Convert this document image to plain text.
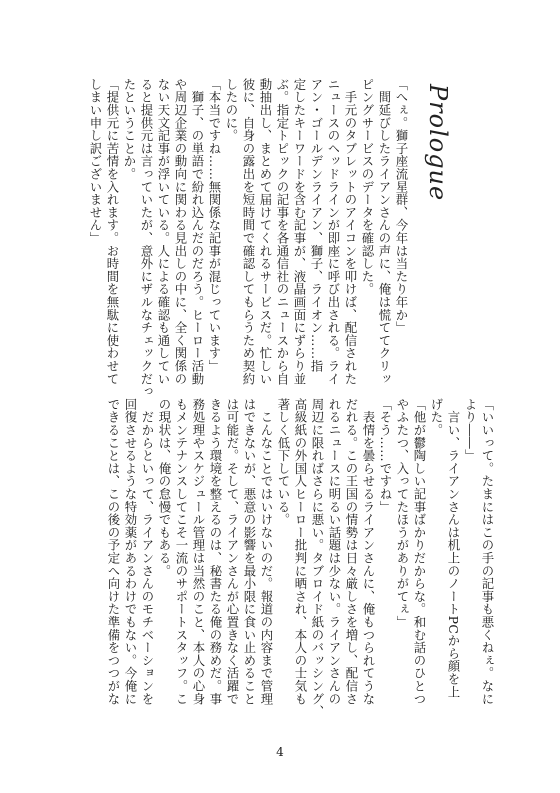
Prologue
「へぇ。獅子座流星群、今年は当たり年か」
　間延びしたライアンさんの声に、俺は慌ててクリッ
ピングサービスのデータを確認した。
　手元のタブレットのアイコンを叩けば、配信された
ニュースのヘッドラインが即座に呼び出される。ライ
アン・ゴールデンライアン、獅子、ライオン……指
定したキーワードを含む記事が、液晶画面にずらり並
ぶ。指定トピックの記事を各通信社のニュースから自
動抽出し、まとめて届けてくれるサービスだ。忙しい
彼に、自身の露出を短時間で確認してもらうため契約
したのに。
「本当ですね……無関係な記事が混じっています」
　獅子、の単語で紛れ込んだのだろう。ヒーロー活動
や周辺企業の動向に関わる見出しの中に、全く関係の
ない天文記事が浮いている。人による確認も通してい
ると提供元は言っていたが、意外にザルなチェックだっ
たということか。
「提供元に苦情を入れます。お時間を無駄に使わせて
しまい申し訳ございません」
「いいって。たまにはこの手の記事も悪くねぇ。なに
より――」
　言い、ライアンさんは机上のノートPCから顔を上
げた。
「他が鬱陶しい記事ばかりだからな。和む話のひとつ
やふたつ、入ってたほうがありがてぇ」
「そう……ですね」
　表情を曇らせるライアンさんに、俺もつられてうな
だれる。この王国の情勢は日々厳しさを増し、配信さ
れるニュースに明るい話題は少ない。ライアンさんの
周辺に限ればさらに悪い。タブロイド紙のバッシング、
高級紙の外国人ヒーロー批判に晒され、本人の士気も
著しく低下している。
　こんなことではいけないのだ。報道の内容まで管理
はできないが、悪意の影響を最小限に食い止めること
は可能だ。そして、ライアンさんが心置きなく活躍で
きるよう環境を整えるのは、秘書たる俺の務めだ。事
務処理やスケジュール管理は当然のこと、本人の心身
もメンテナンスしてこそ一流のサポートスタッフ。こ
の現状は、俺の怠慢でもある。
　だからといって、ライアンさんのモチベーションを
回復させるような特効薬があるわけでもない。今俺に
できることは、この後の予定へ向けた準備をつつがな
4
